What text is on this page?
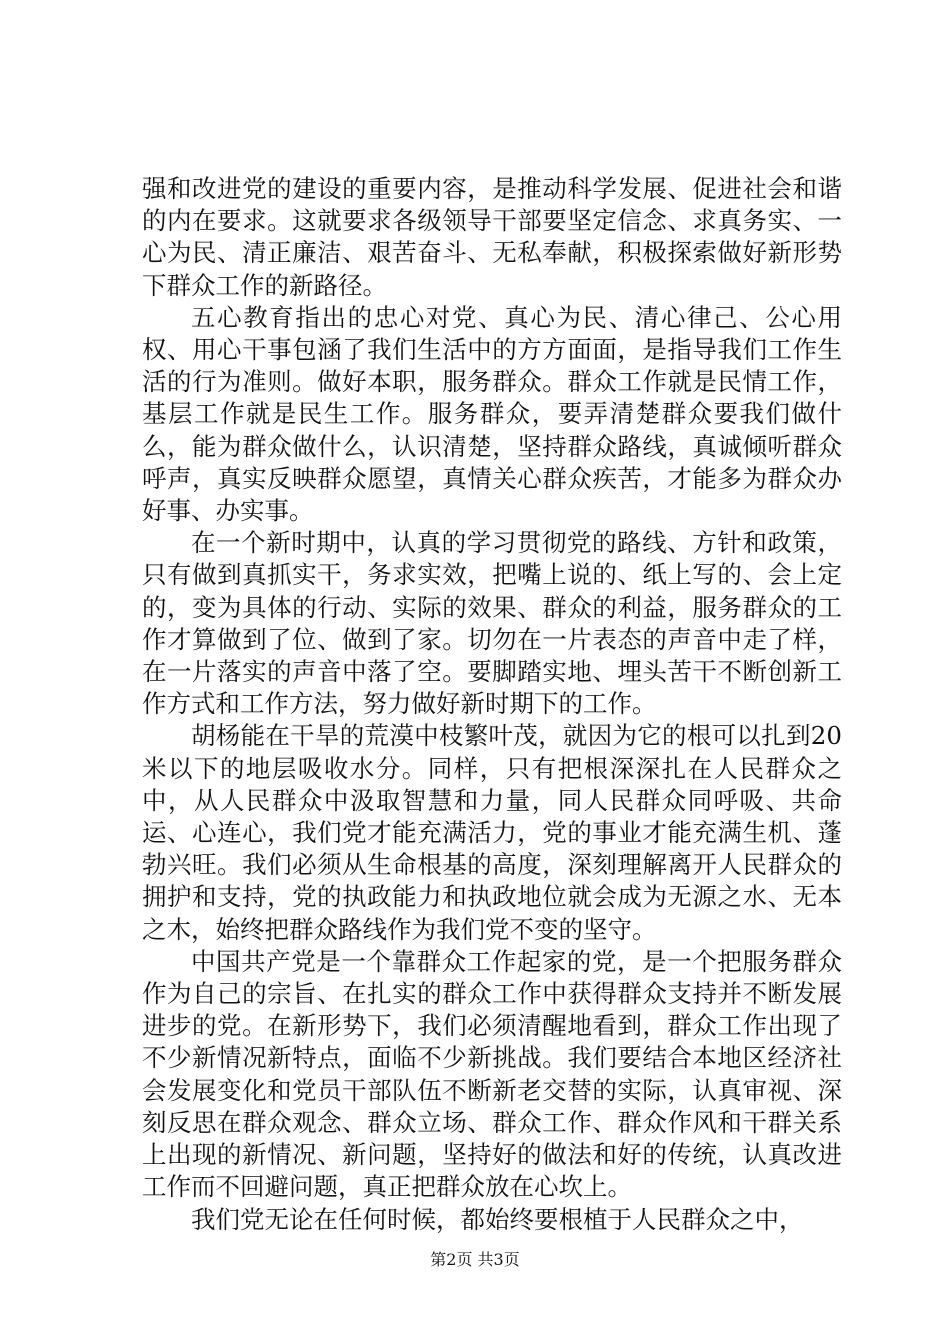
强和改进党的建设的重要内容，是推动科学发展、促进社会和谐的内在要求。这就要求各级领导干部要坚定信念、求真务实、一心为民、清正廉洁、艰苦奋斗、无私奉献，积极探索做好新形势下群众工作的新路径。

五心教育指出的忠心对党、真心为民、清心律己、公心用权、用心干事包涵了我们生活中的方方面面，是指导我们工作生活的行为准则。做好本职，服务群众。群众工作就是民情工作，基层工作就是民生工作。服务群众，要弄清楚群众要我们做什么，能为群众做什么，认识清楚，坚持群众路线，真诚倾听群众呼声，真实反映群众愿望，真情关心群众疾苦，才能多为群众办好事、办实事。

在一个新时期中，认真的学习贯彻党的路线、方针和政策，只有做到真抓实干，务求实效，把嘴上说的、纸上写的、会上定的，变为具体的行动、实际的效果、群众的利益，服务群众的工作才算做到了位、做到了家。切勿在一片表态的声音中走了样，在一片落实的声音中落了空。要脚踏实地、埋头苦干不断创新工作方式和工作方法，努力做好新时期下的工作。

胡杨能在干旱的荒漠中枝繁叶茂，就因为它的根可以扎到20米以下的地层吸收水分。同样，只有把根深深扎在人民群众之中，从人民群众中汲取智慧和力量，同人民群众同呼吸、共命运、心连心，我们党才能充满活力，党的事业才能充满生机、蓬勃兴旺。我们必须从生命根基的高度，深刻理解离开人民群众的拥护和支持，党的执政能力和执政地位就会成为无源之水、无本之木，始终把群众路线作为我们党不变的坚守。

中国共产党是一个靠群众工作起家的党，是一个把服务群众作为自己的宗旨、在扎实的群众工作中获得群众支持并不断发展进步的党。在新形势下，我们必须清醒地看到，群众工作出现了不少新情况新特点，面临不少新挑战。我们要结合本地区经济社会发展变化和党员干部队伍不断新老交替的实际，认真审视、深刻反思在群众观念、群众立场、群众工作、群众作风和干群关系上出现的新情况、新问题，坚持好的做法和好的传统，认真改进工作而不回避问题，真正把群众放在心坎上。

我们党无论在任何时候，都始终要根植于人民群众之中，

第2页 共3页
